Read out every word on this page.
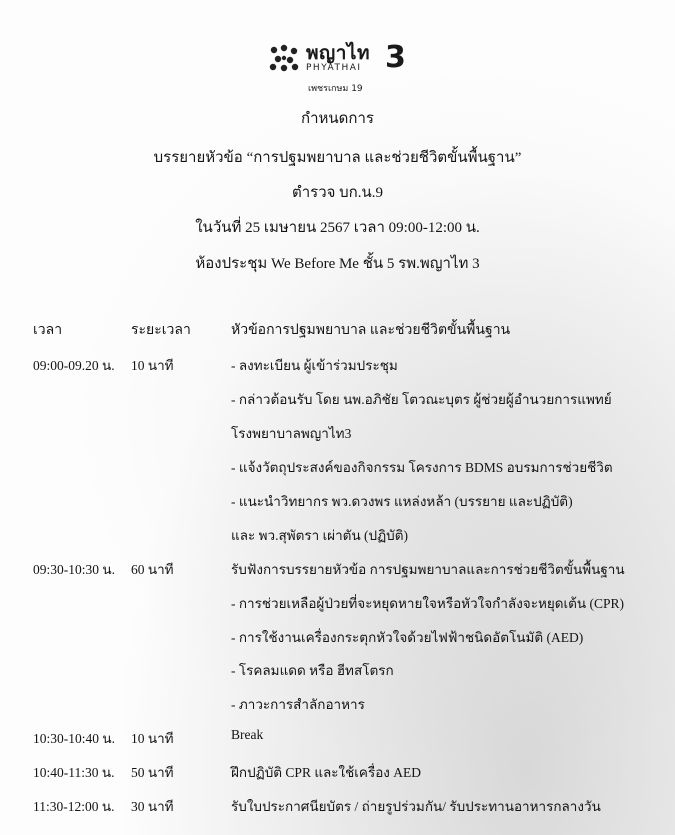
พญาไท 3
PHYATHAI
เพชรเกษม 19
กำหนดการ
บรรยายหัวข้อ “การปฐมพยาบาล และช่วยชีวิตขั้นพื้นฐาน”
ตำรวจ บก.น.9
ในวันที่ 25 เมษายน 2567 เวลา 09:00-12:00 น.
ห้องประชุม We Before Me ชั้น 5 รพ.พญาไท 3
เวลา	ระยะเวลา	หัวข้อการปฐมพยาบาล และช่วยชีวิตขั้นพื้นฐาน
09:00-09.20 น. 10 นาที	- ลงทะเบียน ผู้เข้าร่วมประชุม
- กล่าวต้อนรับ โดย นพ.อภิชัย โตวณะบุตร ผู้ช่วยผู้อำนวยการแพทย์
โรงพยาบาลพญาไท3
- แจ้งวัตถุประสงค์ของกิจกรรม โครงการ BDMS อบรมการช่วยชีวิต
- แนะนำวิทยากร พว.ดวงพร แหล่งหล้า (บรรยาย และปฏิบัติ)
และ พว.สุพัตรา เผ่าตัน (ปฏิบัติ)
09:30-10:30 น. 60 นาที	รับฟังการบรรยายหัวข้อ การปฐมพยาบาลและการช่วยชีวิตขั้นพื้นฐาน
- การช่วยเหลือผู้ป่วยที่จะหยุดหายใจหรือหัวใจกำลังจะหยุดเต้น (CPR)
- การใช้งานเครื่องกระตุกหัวใจด้วยไฟฟ้าชนิดอัตโนมัติ (AED)
- โรคลมแดด หรือ ฮีทสโตรก
- ภาวะการสำลักอาหาร
10:30-10:40 น. 10 นาที	Break
10:40-11:30 น. 50 นาที	ฝึกปฏิบัติ CPR และใช้เครื่อง AED
11:30-12:00 น. 30 นาที	รับใบประกาศนียบัตร / ถ่ายรูปร่วมกัน/ รับประทานอาหารกลางวัน
